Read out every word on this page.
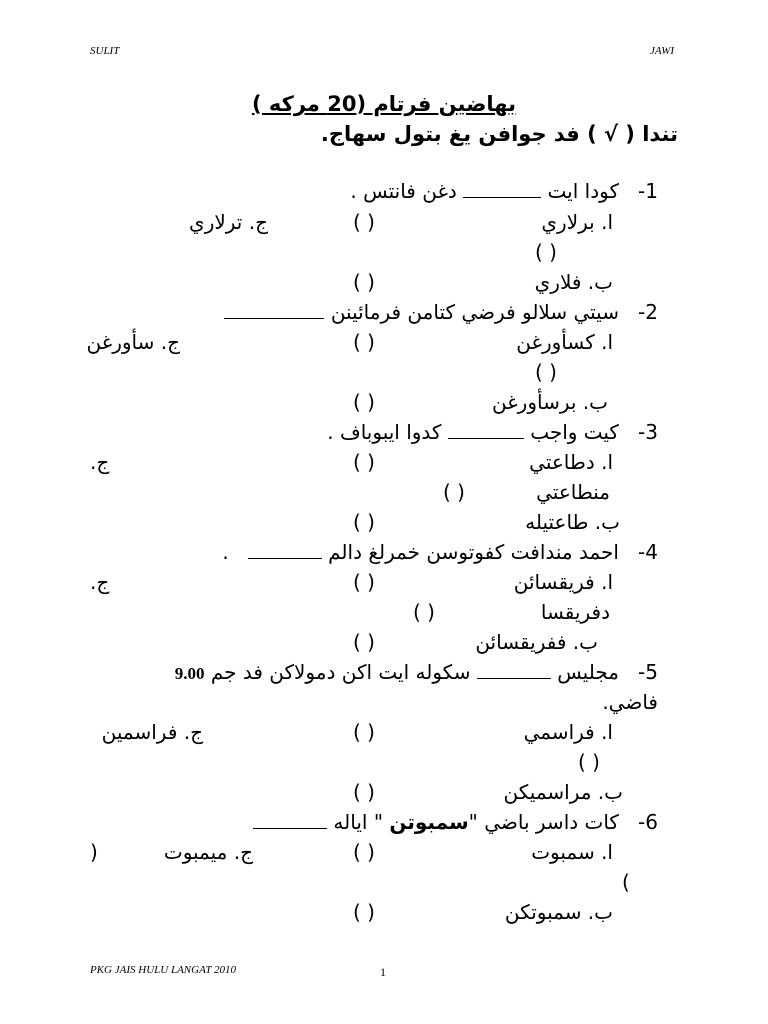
SULIT	JAWI
بهاضين فرتام (20 مركه )
تندا ( √ ) فد جوافن يغ بتول سهاج.
-1   كودا ايت  دغن فانتس .
ا. برلاري
( )
ج. ترلاري
( )
ب. فلاري
( )
-2   سيتي سلالو فرضي كتامن فرمائينن
ا. كسأورغن
( )
ج. سأورغن
( )
ب. برسأورغن
( )
-3   كيت واجب  كدوا ايبوباف .
ا. دطاعتي
( )
ج.
منطاعتي
( )
ب. طاعتيله
( )
-4   احمد مندافت كفوتوسن خمرلغ دالم    .
ا. فريقسائن
( )
ج.
دفريقسا
( )
ب. ففريقسائن
( )
-5   مجليس  سكوله ايت اكن دمولاكن فد جم 9.00
فاضي.
ا. فراسمي
( )
ج. فراسمين
( )
ب. مراسميكن
( )
-6   كات داسر باضي "سمبوتن " اياله
ا. سمبوت
( )
ج. ميمبوت
(
)
ب. سمبوتكن
( )
PKG JAIS HULU LANGAT 2010	1
